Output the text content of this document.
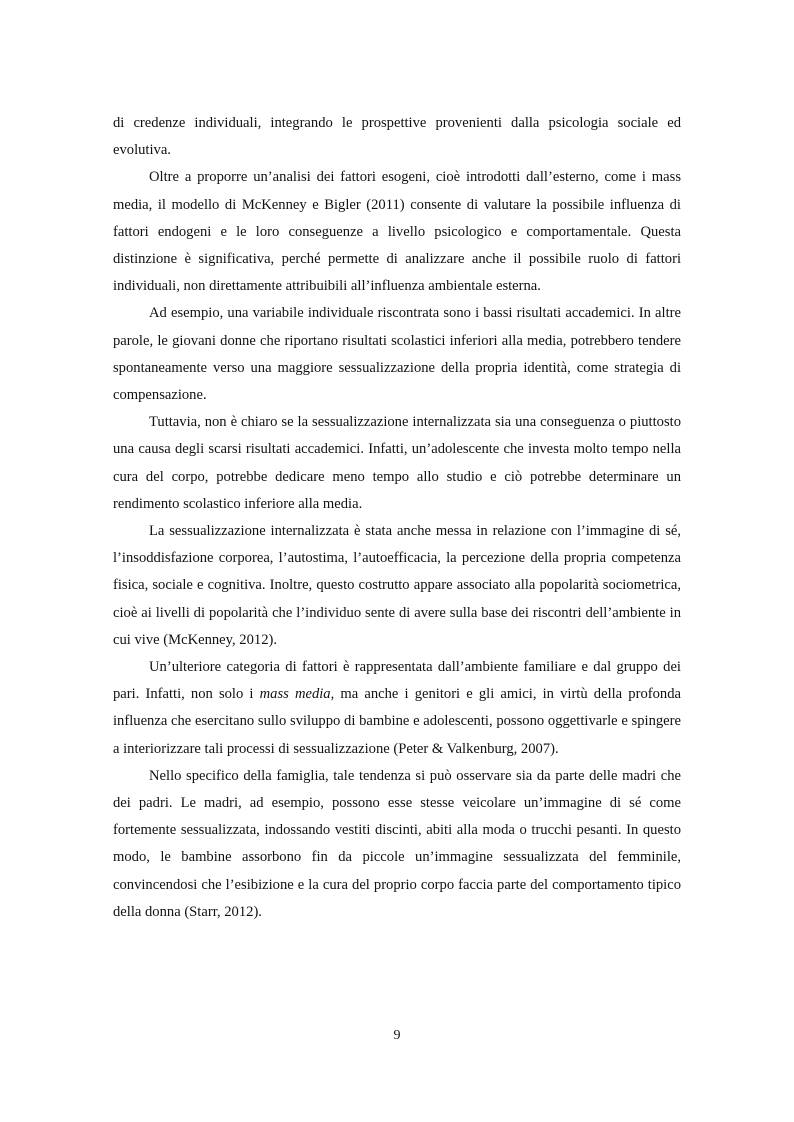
di credenze individuali, integrando le prospettive provenienti dalla psicologia sociale ed evolutiva.

Oltre a proporre un’analisi dei fattori esogeni, cioè introdotti dall’esterno, come i mass media, il modello di McKenney e Bigler (2011) consente di valutare la possibile influenza di fattori endogeni e le loro conseguenze a livello psicologico e comportamentale. Questa distinzione è significativa, perché permette di analizzare anche il possibile ruolo di fattori individuali, non direttamente attribuibili all’influenza ambientale esterna.

Ad esempio, una variabile individuale riscontrata sono i bassi risultati accademici. In altre parole, le giovani donne che riportano risultati scolastici inferiori alla media, potrebbero tendere spontaneamente verso una maggiore sessualizzazione della propria identità, come strategia di compensazione.

Tuttavia, non è chiaro se la sessualizzazione internalizzata sia una conseguenza o piuttosto una causa degli scarsi risultati accademici. Infatti, un’adolescente che investa molto tempo nella cura del corpo, potrebbe dedicare meno tempo allo studio e ciò potrebbe determinare un rendimento scolastico inferiore alla media.

La sessualizzazione internalizzata è stata anche messa in relazione con l’immagine di sé, l’insoddisfazione corporea, l’autostima, l’autoefficacia, la percezione della propria competenza fisica, sociale e cognitiva. Inoltre, questo costrutto appare associato alla popolarità sociometrica, cioè ai livelli di popolarità che l’individuo sente di avere sulla base dei riscontri dell’ambiente in cui vive (McKenney, 2012).

Un’ulteriore categoria di fattori è rappresentata dall’ambiente familiare e dal gruppo dei pari. Infatti, non solo i mass media, ma anche i genitori e gli amici, in virtù della profonda influenza che esercitano sullo sviluppo di bambine e adolescenti, possono oggettivarle e spingere a interiorizzare tali processi di sessualizzazione (Peter & Valkenburg, 2007).

Nello specifico della famiglia, tale tendenza si può osservare sia da parte delle madri che dei padri. Le madri, ad esempio, possono esse stesse veicolare un’immagine di sé come fortemente sessualizzata, indossando vestiti discinti, abiti alla moda o trucchi pesanti. In questo modo, le bambine assorbono fin da piccole un’immagine sessualizzata del femminile, convincendosi che l’esibizione e la cura del proprio corpo faccia parte del comportamento tipico della donna (Starr, 2012).

9
